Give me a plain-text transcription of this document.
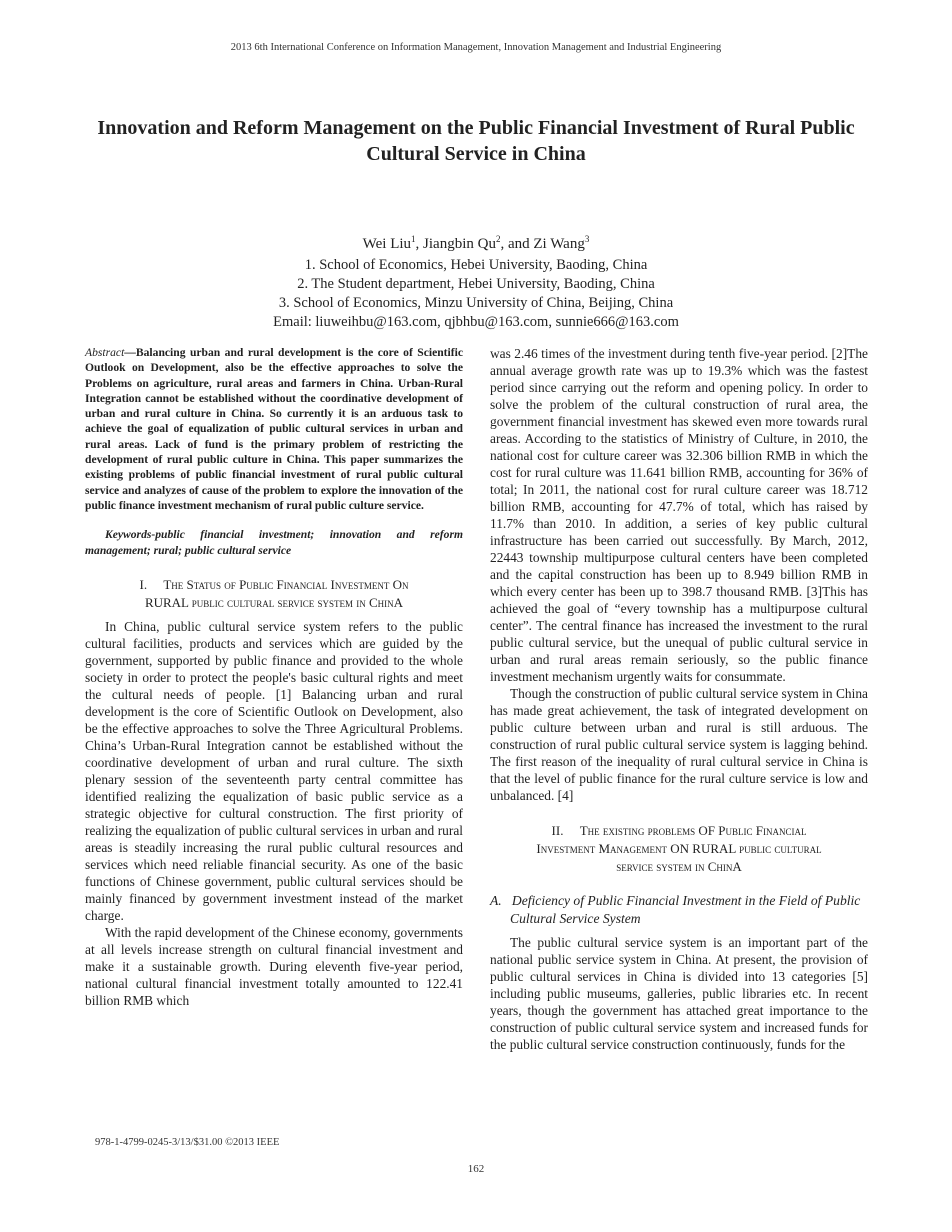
2013 6th International Conference on Information Management, Innovation Management and Industrial Engineering
Innovation and Reform Management on the Public Financial Investment of Rural Public Cultural Service in China
Wei Liu$^1$, Jiangbin Qu$^2$, and Zi Wang$^3$
1. School of Economics, Hebei University, Baoding, China
2. The Student department, Hebei University, Baoding, China
3. School of Economics, Minzu University of China, Beijing, China
Email: liuweihbu@163.com, qjbhbu@163.com, sunnie666@163.com

Abstract—Balancing urban and rural development is the core of Scientific Outlook on Development, also be the effective approaches to solve the Problems on agriculture, rural areas and farmers in China. Urban-Rural Integration cannot be established without the coordinative development of urban and rural culture in China. So currently it is an arduous task to achieve the goal of equalization of public cultural services in urban and rural areas. Lack of fund is the primary problem of restricting the development of rural public culture in China. This paper summarizes the existing problems of public financial investment of rural public cultural service and analyzes of cause of the problem to explore the innovation of the public finance investment mechanism of rural public culture service.

Keywords-public financial investment; innovation and reform management; rural; public cultural service

I. The Status of Public Financial Investment On
RURAL public cultural service system in ChinA

In China, public cultural service system refers to the public cultural facilities, products and services which are guided by the government, supported by public finance and provided to the whole society in order to protect the people's basic cultural rights and meet the cultural needs of people. [1] Balancing urban and rural development is the core of Scientific Outlook on Development, also be the effective approaches to solve the Three Agricultural Problems. China’s Urban-Rural Integration cannot be established without the coordinative development of urban and rural culture. The sixth plenary session of the seventeenth party central committee has identified realizing the equalization of basic public service as a strategic objective for cultural construction. The first priority of realizing the equalization of public cultural services in urban and rural areas is steadily increasing the rural public cultural resources and services which need reliable financial security. As one of the basic functions of Chinese government, public cultural services should be mainly financed by government investment instead of the market charge.

With the rapid development of the Chinese economy, governments at all levels increase strength on cultural financial investment and make it a sustainable growth. During eleventh five-year period, national cultural financial investment totally amounted to 122.41 billion RMB which

was 2.46 times of the investment during tenth five-year period. [2]The annual average growth rate was up to 19.3% which was the fastest period since carrying out the reform and opening policy. In order to solve the problem of the cultural construction of rural area, the government financial investment has skewed even more towards rural areas. According to the statistics of Ministry of Culture, in 2010, the national cost for culture career was 32.306 billion RMB in which the cost for rural culture was 11.641 billion RMB, accounting for 36% of total; In 2011, the national cost for rural culture career was 18.712 billion RMB, accounting for 47.7% of total, which has raised by 11.7% than 2010. In addition, a series of key public cultural infrastructure has been carried out successfully. By March, 2012, 22443 township multipurpose cultural centers have been completed and the capital construction has been up to 8.949 billion RMB in which every center has been up to 398.7 thousand RMB. [3]This has achieved the goal of “every township has a multipurpose cultural center”. The central finance has increased the investment to the rural public cultural service, but the unequal of public cultural service in urban and rural areas remain seriously, so the public finance investment mechanism urgently waits for consummate.

Though the construction of public cultural service system in China has made great achievement, the task of integrated development on public culture between urban and rural is still arduous. The construction of rural public cultural service system is lagging behind. The first reason of the inequality of rural cultural service in China is that the level of public finance for the rural culture service is low and unbalanced. [4]

II. The existing problems OF Public Financial
Investment Management ON RURAL public cultural
service system in ChinA

A. Deficiency of Public Financial Investment in the Field of Public Cultural Service System

The public cultural service system is an important part of the national public service system in China. At present, the provision of public cultural services in China is divided into 13 categories [5] including public museums, galleries, public libraries etc. In recent years, though the government has attached great importance to the construction of public cultural service system and increased funds for the public cultural service construction continuously, funds for the

978-1-4799-0245-3/13/$31.00 ©2013 IEEE
162
